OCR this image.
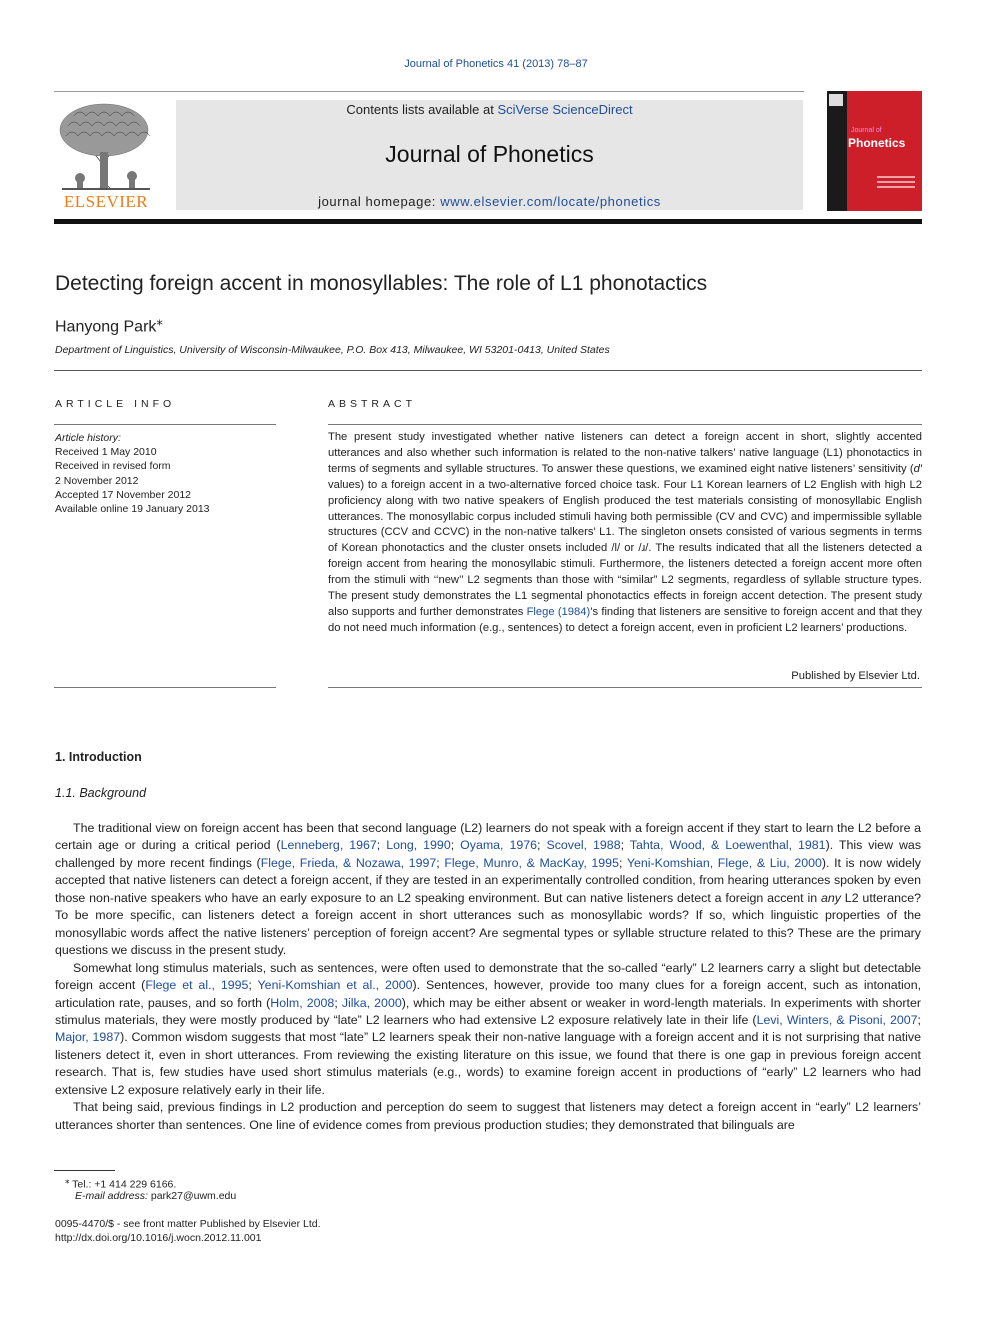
Journal of Phonetics 41 (2013) 78–87
ELSEVIER
Contents lists available at SciVerse ScienceDirect
Journal of Phonetics
journal homepage: www.elsevier.com/locate/phonetics
Journal of
Phonetics
Detecting foreign accent in monosyllables: The role of L1 phonotactics
Hanyong Park⁎
Department of Linguistics, University of Wisconsin-Milwaukee, P.O. Box 413, Milwaukee, WI 53201-0413, United States
ARTICLE INFO
Article history:
Received 1 May 2010
Received in revised form
2 November 2012
Accepted 17 November 2012
Available online 19 January 2013
ABSTRACT
The present study investigated whether native listeners can detect a foreign accent in short, slightly accented utterances and also whether such information is related to the non-native talkers’ native language (L1) phonotactics in terms of segments and syllable structures. To answer these questions, we examined eight native listeners’ sensitivity (d′ values) to a foreign accent in a two-alternative forced choice task. Four L1 Korean learners of L2 English with high L2 proficiency along with two native speakers of English produced the test materials consisting of monosyllabic English utterances. The monosyllabic corpus included stimuli having both permissible (CV and CVC) and impermissible syllable structures (CCV and CCVC) in the non-native talkers’ L1. The singleton onsets consisted of various segments in terms of Korean phonotactics and the cluster onsets included /l/ or /ɹ/. The results indicated that all the listeners detected a foreign accent from hearing the monosyllabic stimuli. Furthermore, the listeners detected a foreign accent more often from the stimuli with ‘‘new’’ L2 segments than those with “similar” L2 segments, regardless of syllable structure types. The present study demonstrates the L1 segmental phonotactics effects in foreign accent detection. The present study also supports and further demonstrates Flege (1984)’s finding that listeners are sensitive to foreign accent and that they do not need much information (e.g., sentences) to detect a foreign accent, even in proficient L2 learners’ productions.
Published by Elsevier Ltd.
1. Introduction
1.1. Background

The traditional view on foreign accent has been that second language (L2) learners do not speak with a foreign accent if they start to learn the L2 before a certain age or during a critical period (Lenneberg, 1967; Long, 1990; Oyama, 1976; Scovel, 1988; Tahta, Wood, & Loewenthal, 1981). This view was challenged by more recent findings (Flege, Frieda, & Nozawa, 1997; Flege, Munro, & MacKay, 1995; Yeni-Komshian, Flege, & Liu, 2000). It is now widely accepted that native listeners can detect a foreign accent, if they are tested in an experimentally controlled condition, from hearing utterances spoken by even those non-native speakers who have an early exposure to an L2 speaking environment. But can native listeners detect a foreign accent in any L2 utterance? To be more specific, can listeners detect a foreign accent in short utterances such as monosyllabic words? If so, which linguistic properties of the monosyllabic words affect the native listeners’ perception of foreign accent? Are segmental types or syllable structure related to this? These are the primary questions we discuss in the present study.

Somewhat long stimulus materials, such as sentences, were often used to demonstrate that the so-called “early” L2 learners carry a slight but detectable foreign accent (Flege et al., 1995; Yeni-Komshian et al., 2000). Sentences, however, provide too many clues for a foreign accent, such as intonation, articulation rate, pauses, and so forth (Holm, 2008; Jilka, 2000), which may be either absent or weaker in word-length materials. In experiments with shorter stimulus materials, they were mostly produced by “late” L2 learners who had extensive L2 exposure relatively late in their life (Levi, Winters, & Pisoni, 2007; Major, 1987). Common wisdom suggests that most “late” L2 learners speak their non-native language with a foreign accent and it is not surprising that native listeners detect it, even in short utterances. From reviewing the existing literature on this issue, we found that there is one gap in previous foreign accent research. That is, few studies have used short stimulus materials (e.g., words) to examine foreign accent in productions of “early” L2 learners who had extensive L2 exposure relatively early in their life.

That being said, previous findings in L2 production and perception do seem to suggest that listeners may detect a foreign accent in “early” L2 learners’ utterances shorter than sentences. One line of evidence comes from previous production studies; they demonstrated that bilinguals are

⁎ Tel.: +1 414 229 6166.
E-mail address: park27@uwm.edu
0095-4470/$ - see front matter Published by Elsevier Ltd.
http://dx.doi.org/10.1016/j.wocn.2012.11.001
